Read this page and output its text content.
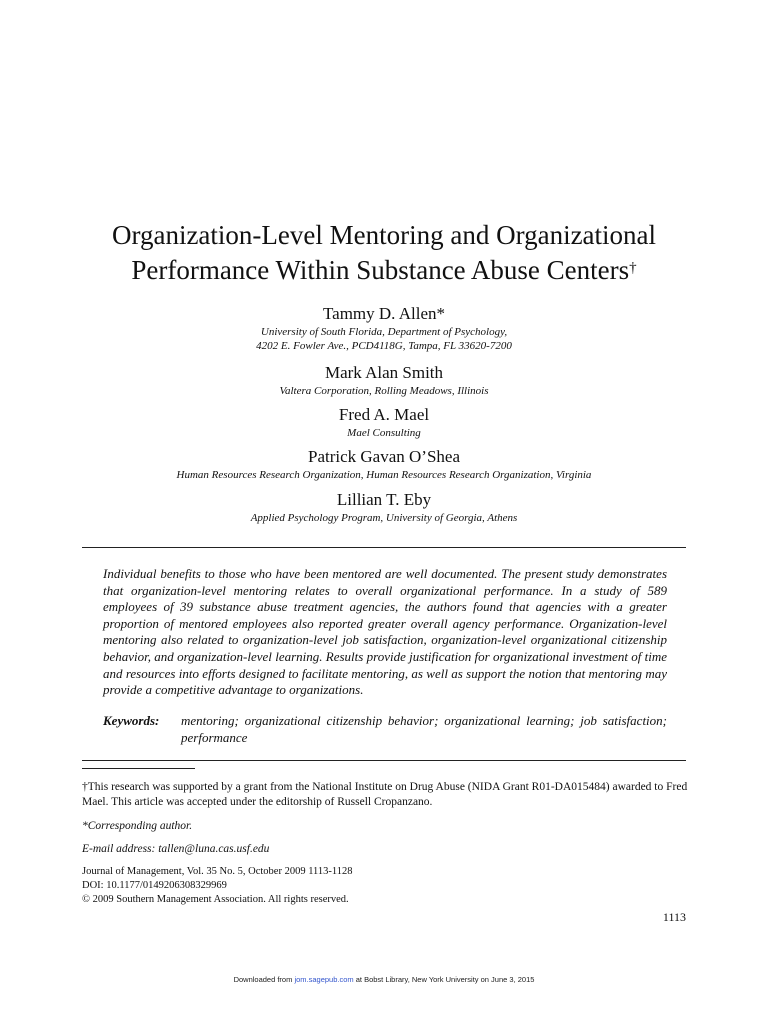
Organization-Level Mentoring and Organizational
Performance Within Substance Abuse Centers†

Tammy D. Allen*

University of South Florida, Department of Psychology,

4202 E. Fowler Ave., PCD4118G, Tampa, FL 33620-7200

Mark Alan Smith

Valtera Corporation, Rolling Meadows, Illinois

Fred A. Mael

Mael Consulting

Patrick Gavan O’Shea

Human Resources Research Organization, Human Resources Research Organization, Virginia

Lillian T. Eby

Applied Psychology Program, University of Georgia, Athens

Individual benefits to those who have been mentored are well documented. The present study demonstrates that organization-level mentoring relates to overall organizational performance. In a study of 589 employees of 39 substance abuse treatment agencies, the authors found that agencies with a greater proportion of mentored employees also reported greater overall agency performance. Organization-level mentoring also related to organization-level job satisfaction, organization-level organizational citizenship behavior, and organization-level learning. Results provide justification for organizational investment of time and resources into efforts designed to facilitate mentoring, as well as support the notion that mentoring may provide a competitive advantage to organizations.

Keywords: mentoring; organizational citizenship behavior; organizational learning; job satisfaction; performance

†This research was supported by a grant from the National Institute on Drug Abuse (NIDA Grant R01-DA015484) awarded to Fred Mael. This article was accepted under the editorship of Russell Cropanzano.

*Corresponding author.

E-mail address: tallen@luna.cas.usf.edu

Journal of Management, Vol. 35 No. 5, October 2009 1113-1128
DOI: 10.1177/0149206308329969
© 2009 Southern Management Association. All rights reserved.
1113
Downloaded from jom.sagepub.com at Bobst Library, New York University on June 3, 2015
